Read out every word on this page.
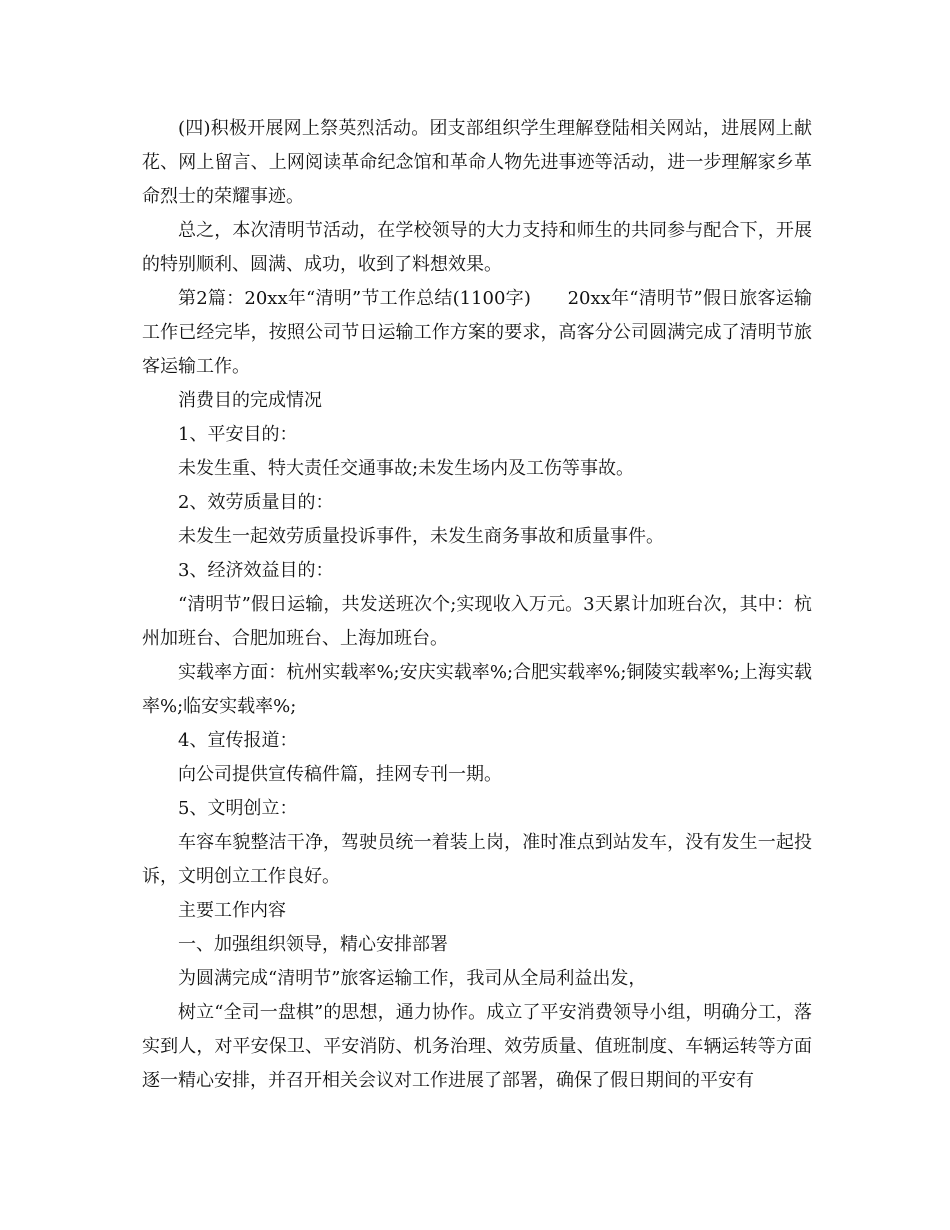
(四)积极开展网上祭英烈活动。团支部组织学生理解登陆相关网站，进展网上献花、网上留言、上网阅读革命纪念馆和革命人物先进事迹等活动，进一步理解家乡革命烈士的荣耀事迹。

总之，本次清明节活动，在学校领导的大力支持和师生的共同参与配合下，开展的特别顺利、圆满、成功，收到了料想效果。

第2篇：20xx年“清明”节工作总结(1100字)　　20xx年“清明节”假日旅客运输工作已经完毕，按照公司节日运输工作方案的要求，高客分公司圆满完成了清明节旅客运输工作。

消费目的完成情况

1、平安目的：

未发生重、特大责任交通事故;未发生场内及工伤等事故。

2、效劳质量目的：

未发生一起效劳质量投诉事件，未发生商务事故和质量事件。

3、经济效益目的：

“清明节”假日运输，共发送班次个;实现收入万元。3天累计加班台次，其中：杭州加班台、合肥加班台、上海加班台。

实载率方面：杭州实载率%;安庆实载率%;合肥实载率%;铜陵实载率%;上海实载率%;临安实载率%;

4、宣传报道：

向公司提供宣传稿件篇，挂网专刊一期。

5、文明创立：

车容车貌整洁干净，驾驶员统一着装上岗，准时准点到站发车，没有发生一起投诉，文明创立工作良好。

主要工作内容

一、加强组织领导，精心安排部署

为圆满完成“清明节”旅客运输工作，我司从全局利益出发，

树立“全司一盘棋”的思想，通力协作。成立了平安消费领导小组，明确分工，落实到人，对平安保卫、平安消防、机务治理、效劳质量、值班制度、车辆运转等方面逐一精心安排，并召开相关会议对工作进展了部署，确保了假日期间的平安有
